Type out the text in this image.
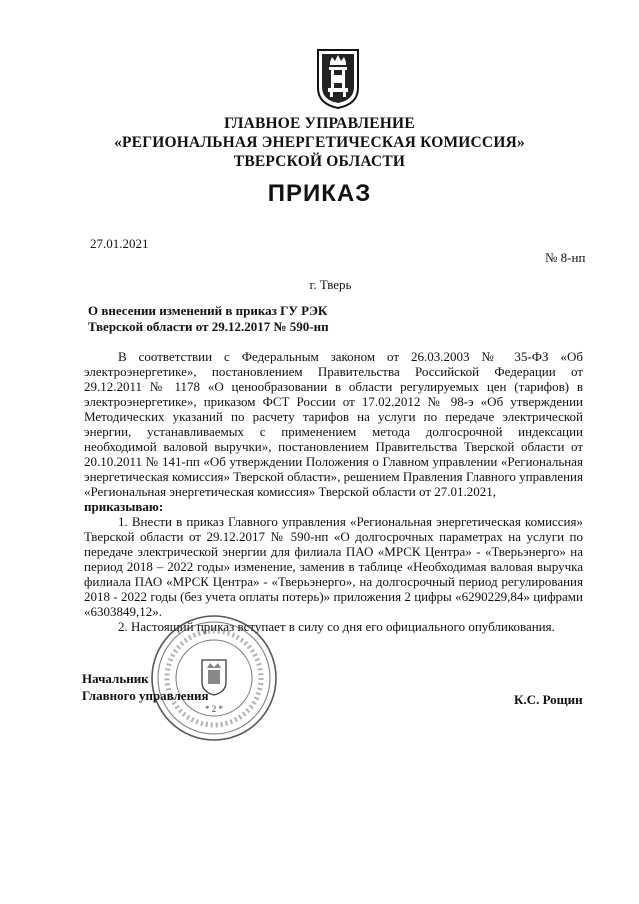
ГЛАВНОЕ УПРАВЛЕНИЕ
«РЕГИОНАЛЬНАЯ ЭНЕРГЕТИЧЕСКАЯ КОМИССИЯ»
ТВЕРСКОЙ ОБЛАСТИ
ПРИКАЗ
27.01.2021
№ 8-нп
г. Тверь
О внесении изменений в приказ ГУ РЭК
Тверской области от 29.12.2017 № 590-нп

В соответствии с Федеральным законом от 26.03.2003 № 35-ФЗ «Об электроэнергетике», постановлением Правительства Российской Федерации от 29.12.2011 № 1178 «О ценообразовании в области регулируемых цен (тарифов) в электроэнергетике», приказом ФСТ России от 17.02.2012 № 98-э «Об утверждении Методических указаний по расчету тарифов на услуги по передаче электрической энергии, устанавливаемых с применением метода долгосрочной индексации необходимой валовой выручки», постановлением Правительства Тверской области от 20.10.2011 № 141-пп «Об утверждении Положения о Главном управлении «Региональная энергетическая комиссия» Тверской области», решением Правления Главного управления «Региональная энергетическая комиссия» Тверской области от 27.01.2021,

приказываю:

1. Внести в приказ Главного управления «Региональная энергетическая комиссия» Тверской области от 29.12.2017 № 590-нп «О долгосрочных параметрах на услуги по передаче электрической энергии для филиала ПАО «МРСК Центра» - «Тверьэнерго» на период 2018 – 2022 годы» изменение, заменив в таблице «Необходимая валовая выручка филиала ПАО «МРСК Центра» - «Тверьэнерго», на долгосрочный период регулирования 2018 - 2022 годы (без учета оплаты потерь)» приложения 2 цифры «6290229,84» цифрами «6303849,12».

2. Настоящий приказ вступает в силу со дня его официального опубликования.

* 2 *
Начальник
Главного управления	К.С. Рощин
